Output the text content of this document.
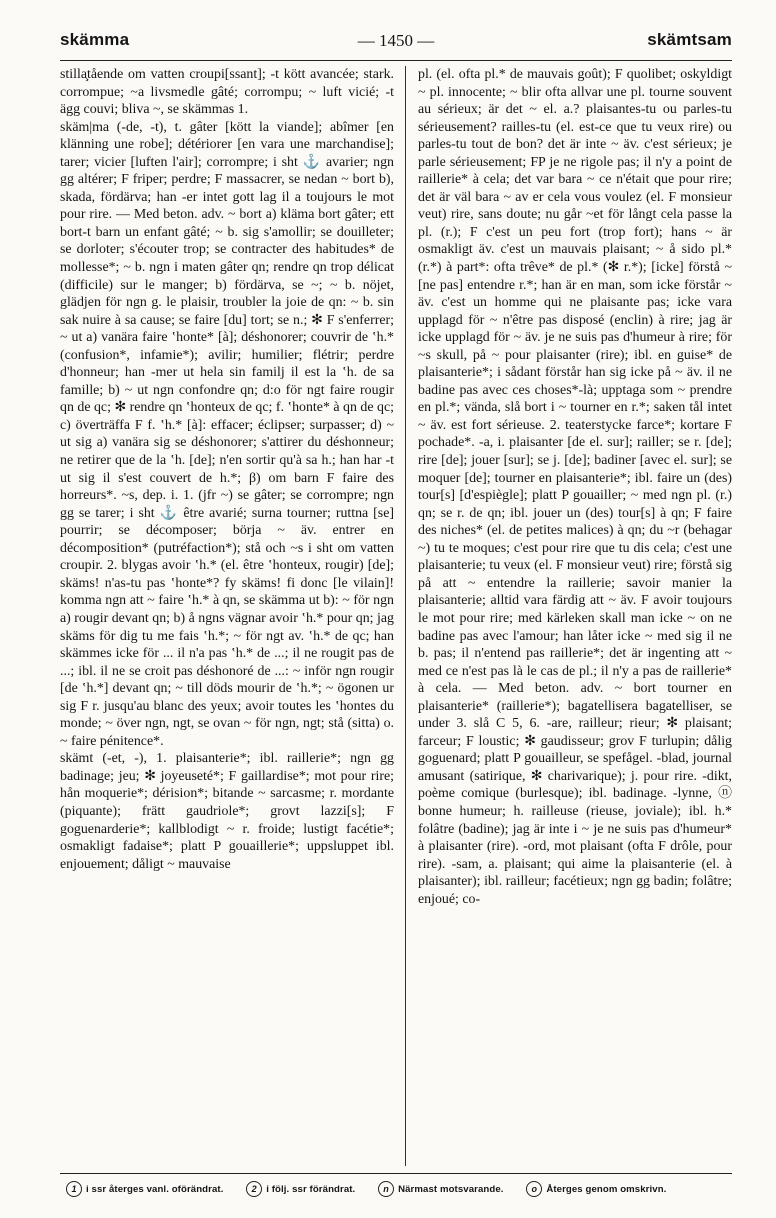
skämma	— 1450 —	skämtsam

stilla̧tående om vatten croupi[ssant]; -t kött avancée; stark. corrompue; ~a livsmedle gâté; corrompu; ~ luft vicié; -t ägg couvi; bliva ~, se skämmas 1.

skäm|ma (-de, -t), t. gâter [kött la viande]; abîmer [en klänning une robe]; détériorer [en vara une marchandise]; tarer; vicier [luften l'air]; corrompre; i sht ⚓ avarier; ngn gg altérer; F friper; perdre; F massacrer, se nedan ~ bort b), skada, fördärva; han -er intet gott lag il a toujours le mot pour rire. — Med beton. adv. ~ bort a) kläma bort gâter; ett bort-t barn un enfant gâté; ~ b. sig s'amollir; se douilleter; se dorloter; s'écouter trop; se contracter des habitudes* de mollesse*; ~ b. ngn i maten gâter qn; rendre qn trop délicat (difficile) sur le manger; b) fördärva, se ~; ~ b. nöjet, glädjen för ngn g. le plaisir, troubler la joie de qn: ~ b. sin sak nuire à sa cause; se faire [du] tort; se n.; ✻ F s'enferrer; ~ ut a) vanära faire ʽhonte* [à]; déshonorer; couvrir de ʽh.* (confusion*, infamie*); avilir; humilier; flétrir; perdre d'honneur; han -mer ut hela sin familj il est la ʽh. de sa famille; b) ~ ut ngn confondre qn; d:o för ngt faire rougir qn de qc; ✻ rendre qn ʽhonteux de qc; f. ʽhonte* à qn de qc; c) överträffa F f. ʽh.* [à]: effacer; éclipser; surpasser; d) ~ ut sig a) vanära sig se déshonorer; s'attirer du déshonneur; ne retirer que de la ʽh. [de]; n'en sortir qu'à sa h.; han har -t ut sig il s'est couvert de h.*; β) om barn F faire des horreurs*. ~s, dep. i. 1. (jfr ~) se gâter; se corrompre; ngn gg se tarer; i sht ⚓ être avarié; surna tourner; ruttna [se] pourrir; se décomposer; börja ~ äv. entrer en décomposition* (putréfaction*); stå och ~s i sht om vatten croupir. 2. blygas avoir ʽh.* (el. être ʽhonteux, rougir) [de]; skäms! n'as-tu pas ʽhonte*? fy skäms! fi donc [le vilain]! komma ngn att ~ faire ʽh.* à qn, se skämma ut b): ~ för ngn a) rougir devant qn; b) å ngns vägnar avoir ʽh.* pour qn; jag skäms för dig tu me fais ʽh.*; ~ för ngt av. ʽh.* de qc; han skämmes icke för ... il n'a pas ʽh.* de ...; il ne rougit pas de ...; ibl. il ne se croit pas déshonoré de ...: ~ inför ngn rougir [de ʽh.*] devant qn; ~ till döds mourir de ʽh.*; ~ ögonen ur sig F r. jusqu'au blanc des yeux; avoir toutes les ʽhontes du monde; ~ över ngn, ngt, se ovan ~ för ngn, ngt; stå (sitta) o. ~ faire pénitence*.

skämt (-et, -), 1. plaisanterie*; ibl. raillerie*; ngn gg badinage; jeu; ✻ joyeuseté*; F gaillardise*; mot pour rire; hån moquerie*; dérision*; bitande ~ sarcasme; r. mordante (piquante); frätt gaudriole*; grovt lazzi[s]; F goguenarderie*; kallblodigt ~ r. froide; lustigt facétie*; osmakligt fadaise*; platt P gouaillerie*; uppsluppet ibl. enjouement; dåligt ~ mauvaise

pl. (el. ofta pl.* de mauvais goût); F quolibet; oskyldigt ~ pl. innocente; ~ blir ofta allvar une pl. tourne souvent au sérieux; är det ~ el. a.? plaisantes-tu ou parles-tu sérieusement? railles-tu (el. est-ce que tu veux rire) ou parles-tu tout de bon? det är inte ~ äv. c'est sérieux; je parle sérieusement; FP je ne rigole pas; il n'y a point de raillerie* à cela; det var bara ~ ce n'était que pour rire; det är väl bara ~ av er cela vous voulez (el. F monsieur veut) rire, sans doute; nu går ~et för långt cela passe la pl. (r.); F c'est un peu fort (trop fort); hans ~ är osmakligt äv. c'est un mauvais plaisant; ~ å sido pl.* (r.*) à part*: ofta trêve* de pl.* (✻ r.*); [icke] förstå ~ [ne pas] entendre r.*; han är en man, som icke förstår ~ äv. c'est un homme qui ne plaisante pas; icke vara upplagd för ~ n'être pas disposé (enclin) à rire; jag är icke upplagd för ~ äv. je ne suis pas d'humeur à rire; för ~s skull, på ~ pour plaisanter (rire); ibl. en guise* de plaisanterie*; i sådant förstår han sig icke på ~ äv. il ne badine pas avec ces choses*-là; upptaga som ~ prendre en pl.*; vända, slå bort i ~ tourner en r.*; saken tål intet ~ äv. est fort sérieuse. 2. teaterstycke farce*; kortare F pochade*. -a, i. plaisanter [de el. sur]; railler; se r. [de]; rire [de]; jouer [sur]; se j. [de]; badiner [avec el. sur]; se moquer [de]; tourner en plaisanterie*; ibl. faire un (des) tour[s] [d'espiègle]; platt P gouailler; ~ med ngn pl. (r.) qn; se r. de qn; ibl. jouer un (des) tour[s] à qn; F faire des niches* (el. de petites malices) à qn; du ~r (behagar ~) tu te moques; c'est pour rire que tu dis cela; c'est une plaisanterie; tu veux (el. F monsieur veut) rire; förstå sig på att ~ entendre la raillerie; savoir manier la plaisanterie; alltid vara färdig att ~ äv. F avoir toujours le mot pour rire; med kärleken skall man icke ~ on ne badine pas avec l'amour; han låter icke ~ med sig il ne b. pas; il n'entend pas raillerie*; det är ingenting att ~ med ce n'est pas là le cas de pl.; il n'y a pas de raillerie* à cela. — Med beton. adv. ~ bort tourner en plaisanterie* (raillerie*); bagatellisera bagatelliser, se under 3. slå C 5, 6. -are, railleur; rieur; ✻ plaisant; farceur; F loustic; ✻ gaudisseur; grov F turlupin; dålig goguenard; platt P gouailleur, se spefågel. -blad, journal amusant (satirique, ✻ charivarique); j. pour rire. -dikt, poème comique (burlesque); ibl. badinage. -lynne, ⓝ bonne humeur; h. railleuse (rieuse, joviale); ibl. h.* folâtre (badine); jag är inte i ~ je ne suis pas d'humeur* à plaisanter (rire). -ord, mot plaisant (ofta F drôle, pour rire). -sam, a. plaisant; qui aime la plaisanterie (el. à plaisanter); ibl. railleur; facétieux; ngn gg badin; folâtre; enjoué; co-

1 i ssr återges vanl. oförändrat.	2 i följ. ssr förändrat.	n Närmast motsvarande.	o Återges genom omskrivn.
